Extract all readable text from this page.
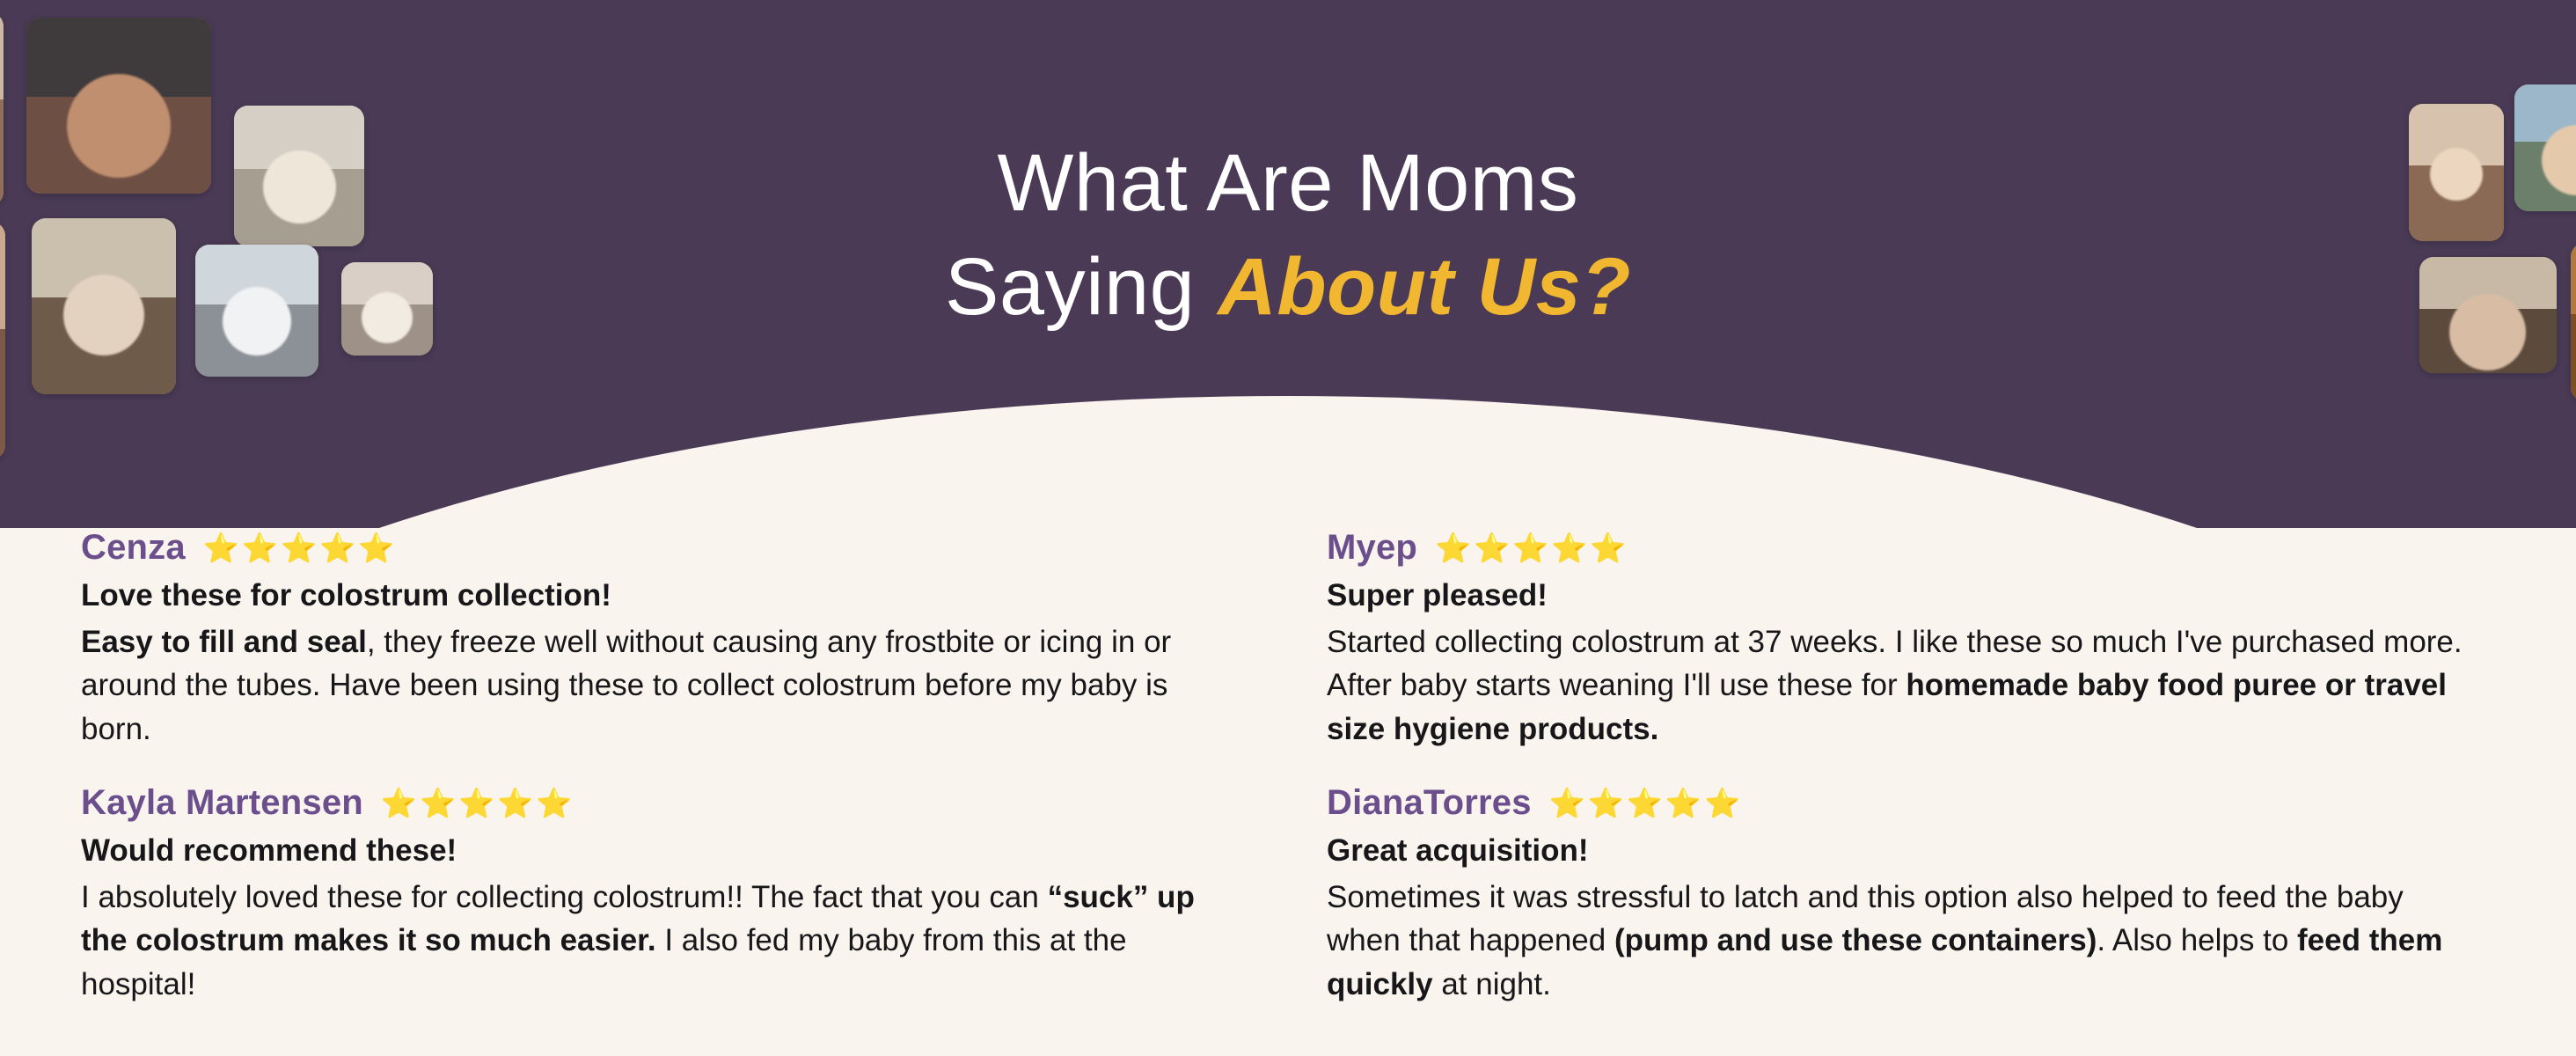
What Are Moms
Saying About Us?
Cenza ⭐⭐⭐⭐⭐
Love these for colostrum collection!
Easy to fill and seal, they freeze well without causing any frostbite or icing in or around the tubes. Have been using these to collect colostrum before my baby is born.
Kayla Martensen ⭐⭐⭐⭐⭐
Would recommend these!
I absolutely loved these for collecting colostrum!! The fact that you can “suck” up the colostrum makes it so much easier. I also fed my baby from this at the hospital!
Myep ⭐⭐⭐⭐⭐
Super pleased!
Started collecting colostrum at 37 weeks. I like these so much I've purchased more. After baby starts weaning I'll use these for homemade baby food puree or travel size hygiene products.
DianaTorres ⭐⭐⭐⭐⭐
Great acquisition!
Sometimes it was stressful to latch and this option also helped to feed the baby when that happened (pump and use these containers). Also helps to feed them quickly at night.
